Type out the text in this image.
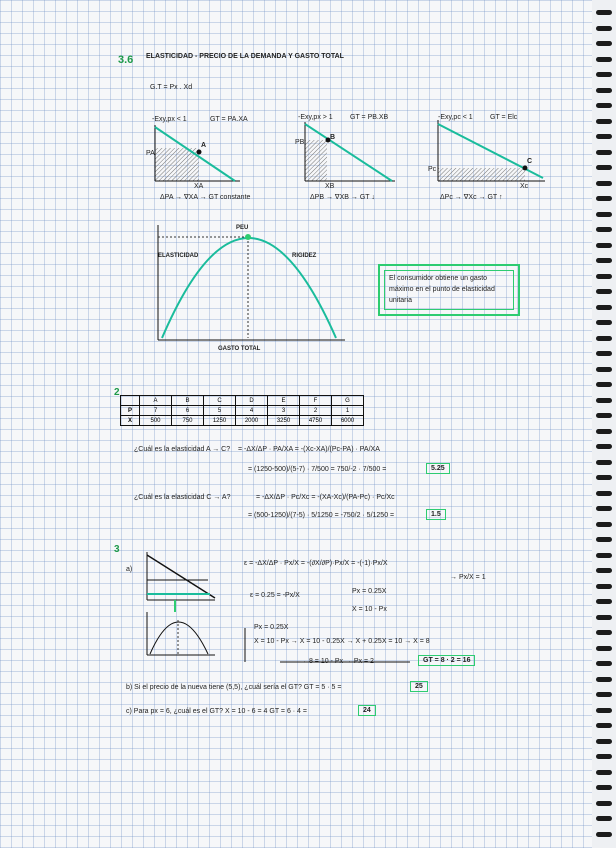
3.6 ELASTICIDAD - PRECIO DE LA DEMANDA Y GASTO TOTAL
G.T = Px . Xd
-Exy,px < 1	GT = PA.XA
A
PA
XA
ΔPA → ∇XA → GT constante
-Exy,px > 1 GT = PB.XB
B
PB
XB
ΔPB → ∇XB → GT ↓
-Exy,pc < 1 GT = Elc
C
Pc
Xc
ΔPc → ∇Xc → GT ↑
PEU
ELASTICIDAD	RIGIDEZ
GASTO TOTAL
El consumidor obtiene un gasto máximo en el punto de elasticidad unitaria
2
	A	B	C	D	E	F	G
P	7	6	5	4	3	2	1
X	500	750	1250	2000	3250	4750	6000
¿Cuál es la elasticidad A → C? = -ΔX/ΔP · PA/XA = -(Xc-XA)/(Pc-PA) · PA/XA
= (1250-500)/(5-7) · 7/500 = 750/-2 · 7/500 =	5.25
¿Cuál es la elasticidad C → A?	= -ΔX/ΔP · Pc/Xc = -(XA-Xc)/(PA-Pc) · Pc/Xc
= (500-1250)/(7-5) · 5/1250 = -750/2 · 5/1250 =	1.5
3
a)
ε = -ΔX/ΔP · Px/X = -(∂X/∂P)·Px/X = -(-1)·Px/X
→ Px/X = 1
ε = 0.25 = -Px/X
Px = 0.25X
X = 10 - Px
Px = 0.25X
X = 10 - Px → X = 10 - 0.25X → X + 0.25X = 10 → X = 8
→ 8 = 10 - Px → Px = 2	GT = 8 · 2 = 16
b) Si el precio de la nueva tiene (5,5), ¿cuál sería el GT? GT = 5 · 5 =	25
c) Para px = 6, ¿cuál es el GT? X = 10 - 6 = 4 GT = 6 · 4 =	24
